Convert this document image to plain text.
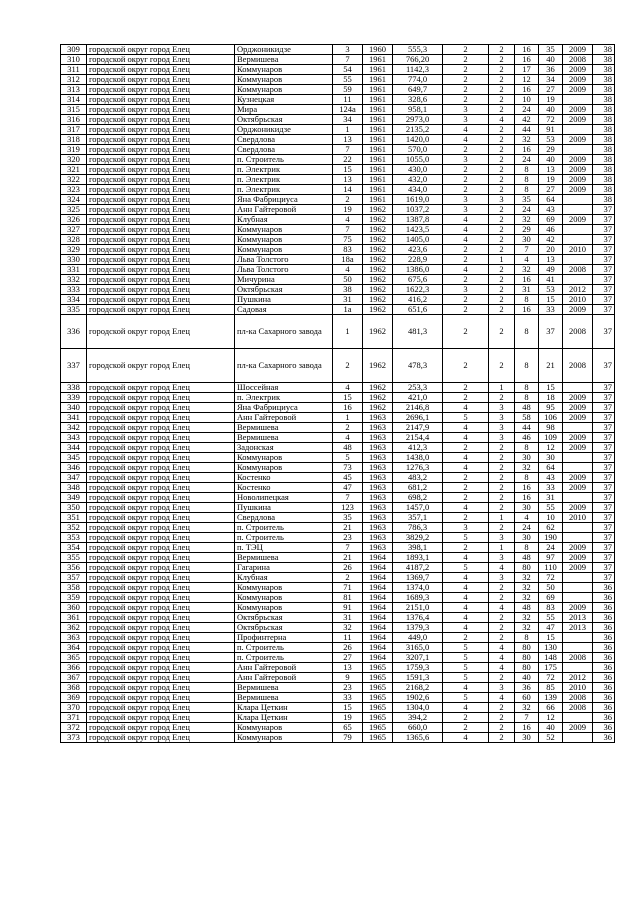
309	городской округ город Елец	Орджоникидзе	3	1960	555,3	2	2	16	35	2009	38
310	городской округ город Елец	Вермишева	7	1961	766,20	2	2	16	40	2008	38
311	городской округ город Елец	Коммунаров	54	1961	1142,3	2	2	17	36	2009	38
312	городской округ город Елец	Коммунаров	55	1961	774,0	2	2	12	34	2009	38
313	городской округ город Елец	Коммунаров	59	1961	649,7	2	2	16	27	2009	38
314	городской округ город Елец	Кузнецкая	11	1961	328,6	2	2	10	19		38
315	городской округ город Елец	Мира	124а	1961	958,1	3	2	24	40	2009	38
316	городской округ город Елец	Октябрьская	34	1961	2973,0	3	4	42	72	2009	38
317	городской округ город Елец	Орджоникидзе	1	1961	2135,2	4	2	44	91		38
318	городской округ город Елец	Свердлова	13	1961	1420,0	4	2	32	53	2009	38
319	городской округ город Елец	Свердлова	7	1961	570,0	2	2	16	29		38
320	городской округ город Елец	п. Строитель	22	1961	1055,0	3	2	24	40	2009	38
321	городской округ город Елец	п. Электрик	15	1961	430,0	2	2	8	13	2009	38
322	городской округ город Елец	п. Электрик	13	1961	432,0	2	2	8	19	2009	38
323	городской округ город Елец	п. Электрик	14	1961	434,0	2	2	8	27	2009	38
324	городской округ город Елец	Яна Фабрициуса	2	1961	1619,0	3	3	35	64		38
325	городской округ город Елец	Анн Гайтеровой	19	1962	1037,2	3	2	24	43		37
326	городской округ город Елец	Клубная	4	1962	1387,8	4	2	32	69	2009	37
327	городской округ город Елец	Коммунаров	7	1962	1423,5	4	2	29	46		37
328	городской округ город Елец	Коммунаров	75	1962	1405,0	4	2	30	42		37
329	городской округ город Елец	Коммунаров	83	1962	423,6	2	2	7	20	2010	37
330	городской округ город Елец	Льва Толстого	18а	1962	228,9	2	1	4	13		37
331	городской округ город Елец	Льва Толстого	4	1962	1386,0	4	2	32	49	2008	37
332	городской округ город Елец	Мичурина	50	1962	675,6	2	2	16	41		37
333	городской округ город Елец	Октябрьская	38	1962	1622,3	3	2	31	53	2012	37
334	городской округ город Елец	Пушкина	31	1962	416,2	2	2	8	15	2010	37
335	городской округ город Елец	Садовая	1а	1962	651,6	2	2	16	33	2009	37
336	городской округ город Елец	пл-ка Сахарного завода	1	1962	481,3	2	2	8	37	2008	37
337	городской округ город Елец	пл-ка Сахарного завода	2	1962	478,3	2	2	8	21	2008	37
338	городской округ город Елец	Шоссейная	4	1962	253,3	2	1	8	15		37
339	городской округ город Елец	п. Электрик	15	1962	421,0	2	2	8	18	2009	37
340	городской округ город Елец	Яна Фабрициуса	16	1962	2146,8	4	3	48	95	2009	37
341	городской округ город Елец	Анн Гайтеровой	1	1963	2696,1	5	3	58	106	2009	37
342	городской округ город Елец	Вермишева	2	1963	2147,9	4	3	44	98		37
343	городской округ город Елец	Вермишева	4	1963	2154,4	4	3	46	109	2009	37
344	городской округ город Елец	Задонская	48	1963	412,3	2	2	8	12	2009	37
345	городской округ город Елец	Коммунаров	5	1963	1438,0	4	2	30	30		37
346	городской округ город Елец	Коммунаров	73	1963	1276,3	4	2	32	64		37
347	городской округ город Елец	Костенко	45	1963	483,2	2	2	8	43	2009	37
348	городской округ город Елец	Костенко	47	1963	681,2	2	2	16	33	2009	37
349	городской округ город Елец	Новолипецкая	7	1963	698,2	2	2	16	31		37
350	городской округ город Елец	Пушкина	123	1963	1457,0	4	2	30	55	2009	37
351	городской округ город Елец	Свердлова	35	1963	357,1	2	1	4	10	2010	37
352	городской округ город Елец	п. Строитель	21	1963	786,3	3	2	24	62		37
353	городской округ город Елец	п. Строитель	23	1963	3829,2	5	3	30	190		37
354	городской округ город Елец	п. ТЭЦ	7	1963	398,1	2	1	8	24	2009	37
355	городской округ город Елец	Вермишева	21	1964	1893,1	4	3	48	97	2009	37
356	городской округ город Елец	Гагарина	26	1964	4187,2	5	4	80	110	2009	37
357	городской округ город Елец	Клубная	2	1964	1369,7	4	3	32	72		37
358	городской округ город Елец	Коммунаров	71	1964	1374,0	4	2	32	50		36
359	городской округ город Елец	Коммунаров	81	1964	1689,3	4	2	32	69		36
360	городской округ город Елец	Коммунаров	91	1964	2151,0	4	4	48	83	2009	36
361	городской округ город Елец	Октябрьская	31	1964	1376,4	4	2	32	55	2013	36
362	городской округ город Елец	Октябрьская	32	1964	1379,3	4	2	32	47	2013	36
363	городской округ город Елец	Профинтерна	11	1964	449,0	2	2	8	15		36
364	городской округ город Елец	п. Строитель	26	1964	3165,0	5	4	80	130		36
365	городской округ город Елец	п. Строитель	27	1964	3207,1	5	4	80	148	2008	36
366	городской округ город Елец	Анн Гайтеровой	13	1965	1759,3	5	4	80	175		36
367	городской округ город Елец	Анн Гайтеровой	9	1965	1591,3	5	2	40	72	2012	36
368	городской округ город Елец	Вермишева	23	1965	2168,2	4	3	36	85	2010	36
369	городской округ город Елец	Вермишева	33	1965	1902,6	5	4	60	139	2008	36
370	городской округ город Елец	Клара Цеткин	15	1965	1304,0	4	2	32	66	2008	36
371	городской округ город Елец	Клара Цеткин	19	1965	394,2	2	2	7	12		36
372	городской округ город Елец	Коммунаров	65	1965	660,0	2	2	16	40	2009	36
373	городской округ город Елец	Коммунаров	79	1965	1365,6	4	2	30	52		36
